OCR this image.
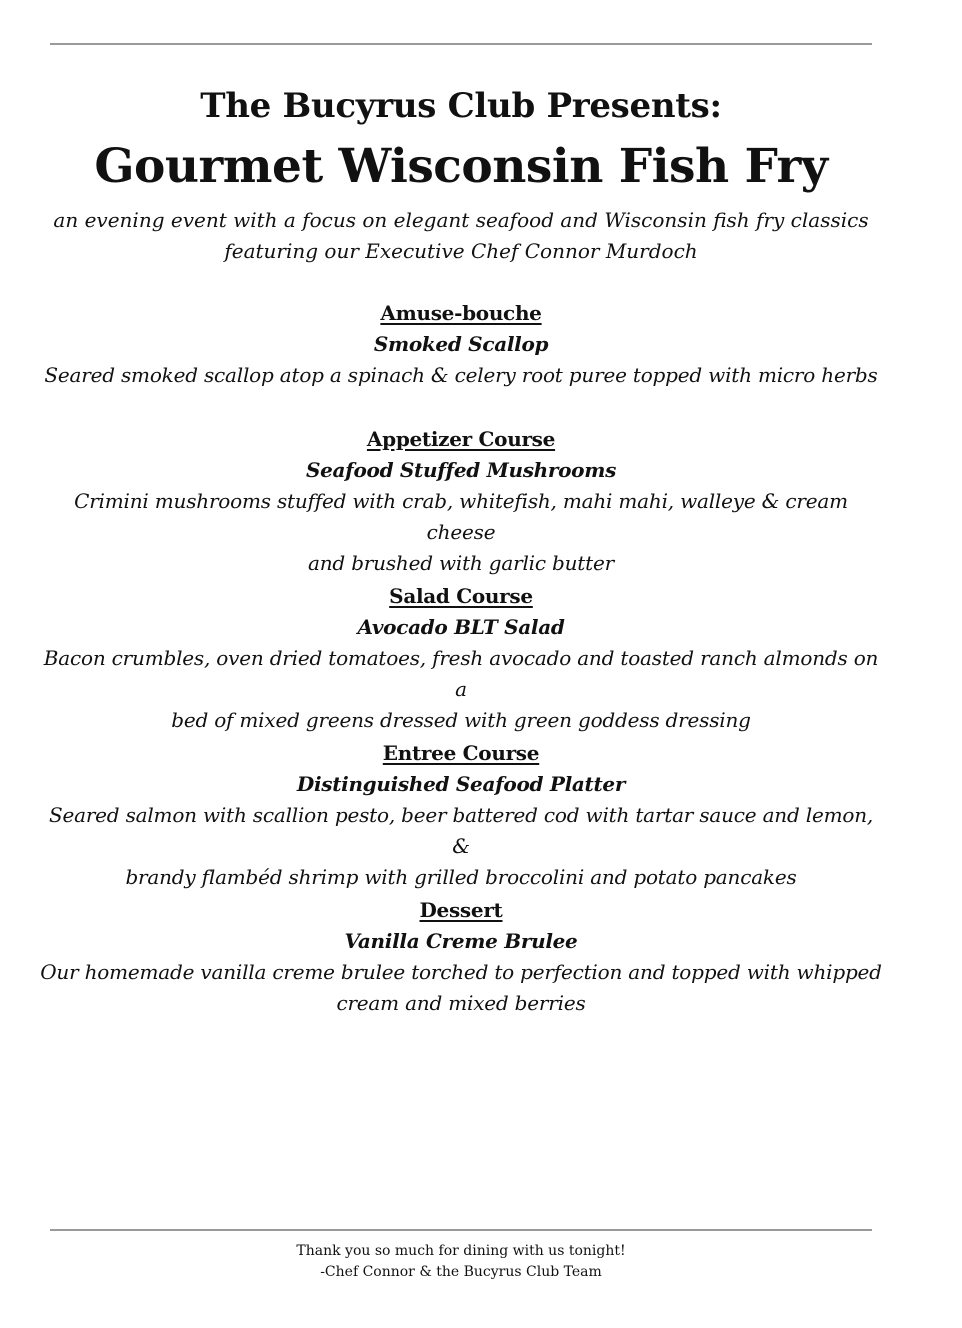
The Bucyrus Club Presents:
Gourmet Wisconsin Fish Fry
an evening event with a focus on elegant seafood and Wisconsin fish fry classics
featuring our Executive Chef Connor Murdoch
Amuse-bouche
Smoked Scallop
Seared smoked scallop atop a spinach & celery root puree topped with micro herbs
Appetizer Course
Seafood Stuffed Mushrooms
Crimini mushrooms stuffed with crab, whitefish, mahi mahi, walleye & cream cheese
and brushed with garlic butter
Salad Course
Avocado BLT Salad
Bacon crumbles, oven dried tomatoes, fresh avocado and toasted ranch almonds on a
bed of mixed greens dressed with green goddess dressing
Entree Course
Distinguished Seafood Platter
Seared salmon with scallion pesto, beer battered cod with tartar sauce and lemon, &
brandy flambéd shrimp with grilled broccolini and potato pancakes
Dessert
Vanilla Creme Brulee
Our homemade vanilla creme brulee torched to perfection and topped with whipped
cream and mixed berries
Thank you so much for dining with us tonight!
-Chef Connor & the Bucyrus Club Team
